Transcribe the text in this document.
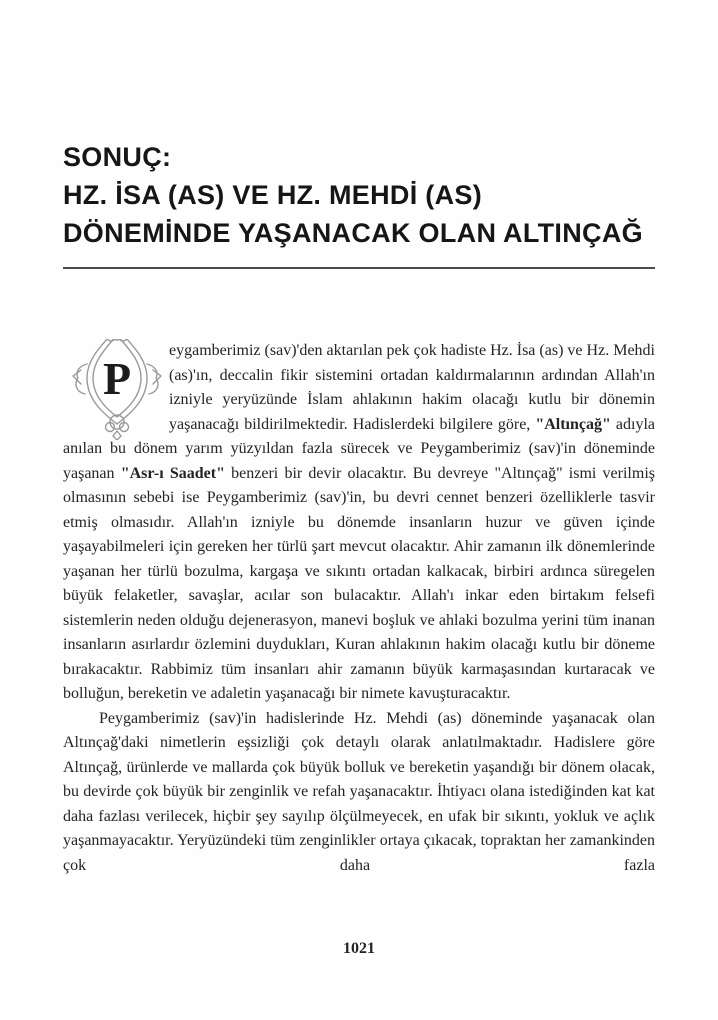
SONUÇ:
HZ. İSA (AS) VE HZ. MEHDİ (AS)
DÖNEMİNDE YAŞANACAK OLAN ALTINÇAĞ

P
eygamberimiz (sav)'den aktarılan pek çok hadiste Hz. İsa (as) ve Hz. Mehdi (as)'ın, deccalin fikir sistemini ortadan kaldırmalarının ardından Allah'ın izniyle yeryüzünde İslam ahlakının hakim olacağı kutlu bir dönemin yaşanacağı bildirilmektedir. Hadislerdeki bilgilere göre, "Altınçağ" adıyla anılan bu dönem yarım yüzyıldan fazla sürecek ve Peygamberimiz (sav)'in döneminde yaşanan "Asr-ı Saadet" benzeri bir devir olacaktır. Bu devreye "Altınçağ" ismi verilmiş olmasının sebebi ise Peygamberimiz (sav)'in, bu devri cennet benzeri özelliklerle tasvir etmiş olmasıdır. Allah'ın izniyle bu dönemde insanların huzur ve güven içinde yaşayabilmeleri için gereken her türlü şart mevcut olacaktır. Ahir zamanın ilk dönemlerinde yaşanan her türlü bozulma, kargaşa ve sıkıntı ortadan kalkacak, birbiri ardınca süregelen büyük felaketler, savaşlar, acılar son bulacaktır. Allah'ı inkar eden birtakım felsefi sistemlerin neden olduğu dejenerasyon, manevi boşluk ve ahlaki bozulma yerini tüm inanan insanların asırlardır özlemini duydukları, Kuran ahlakının hakim olacağı kutlu bir döneme bırakacaktır. Rabbimiz tüm insanları ahir zamanın büyük karmaşasından kurtaracak ve bolluğun, bereketin ve adaletin yaşanacağı bir nimete kavuşturacaktır.

Peygamberimiz (sav)'in hadislerinde Hz. Mehdi (as) döneminde yaşanacak olan Altınçağ'daki nimetlerin eşsizliği çok detaylı olarak anlatılmaktadır. Hadislere göre Altınçağ, ürünlerde ve mallarda çok büyük bolluk ve bereketin yaşandığı bir dönem olacak, bu devirde çok büyük bir zenginlik ve refah yaşanacaktır. İhtiyacı olana istediğinden kat kat daha fazlası verilecek, hiçbir şey sayılıp ölçülmeyecek, en ufak bir sıkıntı, yokluk ve açlık yaşanmayacaktır. Yeryüzündeki tüm zenginlikler ortaya çıkacak, topraktan her zamankinden çok daha fazla

1021
